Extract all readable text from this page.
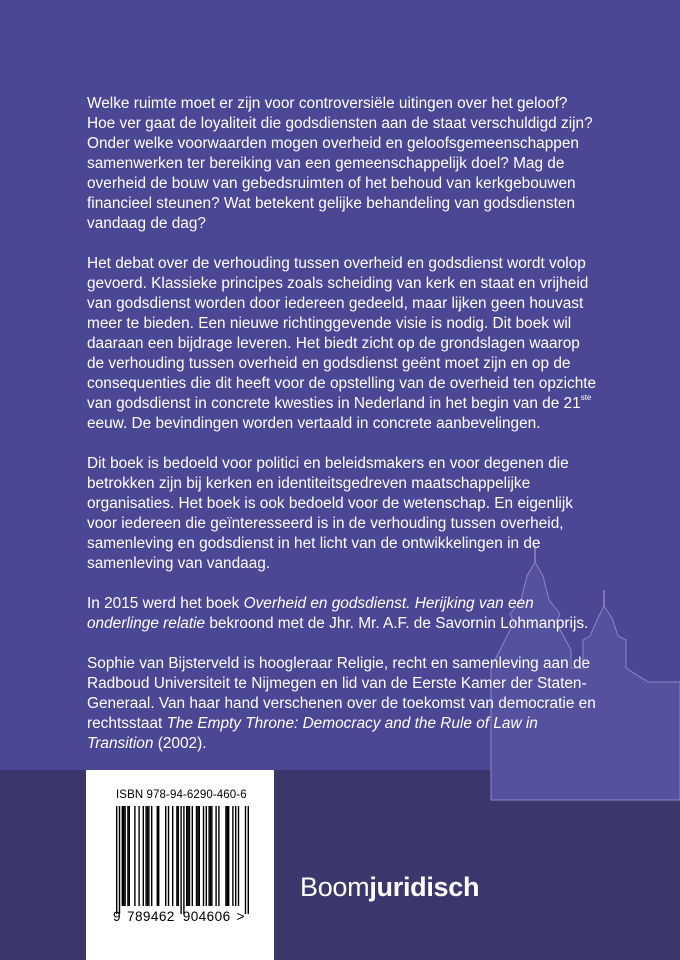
Welke ruimte moet er zijn voor controversiële uitingen over het geloof? Hoe ver gaat de loyaliteit die godsdiensten aan de staat verschuldigd zijn? Onder welke voorwaarden mogen overheid en geloofsgemeenschappen samenwerken ter bereiking van een gemeenschappelijk doel? Mag de overheid de bouw van gebedsruimten of het behoud van kerkgebouwen financieel steunen? Wat betekent gelijke behandeling van godsdiensten vandaag de dag?

Het debat over de verhouding tussen overheid en godsdienst wordt volop gevoerd. Klassieke principes zoals scheiding van kerk en staat en vrijheid van godsdienst worden door iedereen gedeeld, maar lijken geen houvast meer te bieden. Een nieuwe richtinggevende visie is nodig. Dit boek wil daaraan een bijdrage leveren. Het biedt zicht op de grondslagen waarop de verhouding tussen overheid en godsdienst geënt moet zijn en op de consequenties die dit heeft voor de opstelling van de overheid ten opzichte van godsdienst in concrete kwesties in Nederland in het begin van de 21ste eeuw. De bevindingen worden vertaald in concrete aanbevelingen.

Dit boek is bedoeld voor politici en beleidsmakers en voor degenen die betrokken zijn bij kerken en identiteitsgedreven maatschappelijke organisaties. Het boek is ook bedoeld voor de wetenschap. En eigenlijk voor iedereen die geïnteresseerd is in de verhouding tussen overheid, samenleving en godsdienst in het licht van de ontwikkelingen in de samenleving van vandaag.

In 2015 werd het boek Overheid en godsdienst. Herijking van een onderlinge relatie bekroond met de Jhr. Mr. A.F. de Savornin Lohmanprijs.

Sophie van Bijsterveld is hoogleraar Religie, recht en samenleving aan de Radboud Universiteit te Nijmegen en lid van de Eerste Kamer der Staten-Generaal. Van haar hand verschenen over de toekomst van democratie en rechtsstaat The Empty Throne: Democracy and the Rule of Law in Transition (2002).

ISBN 978-94-6290-460-6
9 789462 904606 >
Boomjuridisch
